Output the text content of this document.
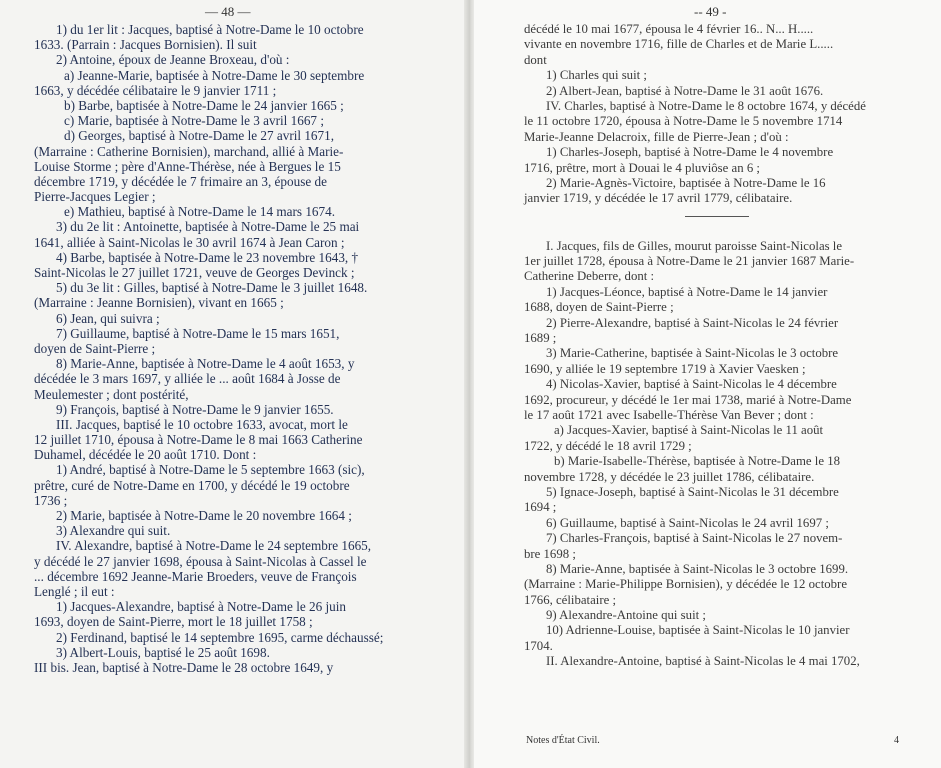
— 48 —
1) du 1er lit : Jacques, baptisé à Notre-Dame le 10 octobre
1633. (Parrain : Jacques Bornisien). Il suit
2) Antoine, époux de Jeanne Broxeau, d'où :
a) Jeanne-Marie, baptisée à Notre-Dame le 30 septembre
1663, y décédée célibataire le 9 janvier 1711 ;
b) Barbe, baptisée à Notre-Dame le 24 janvier 1665 ;
c) Marie, baptisée à Notre-Dame le 3 avril 1667 ;
d) Georges, baptisé à Notre-Dame le 27 avril 1671,
(Marraine : Catherine Bornisien), marchand, allié à Marie-
Louise Storme ; père d'Anne-Thérèse, née à Bergues le 15
décembre 1719, y décédée le 7 frimaire an 3, épouse de
Pierre-Jacques Legier ;
e) Mathieu, baptisé à Notre-Dame le 14 mars 1674.
3) du 2e lit : Antoinette, baptisée à Notre-Dame le 25 mai
1641, alliée à Saint-Nicolas le 30 avril 1674 à Jean Caron ;
4) Barbe, baptisée à Notre-Dame le 23 novembre 1643, †
Saint-Nicolas le 27 juillet 1721, veuve de Georges Devinck ;
5) du 3e lit : Gilles, baptisé à Notre-Dame le 3 juillet 1648.
(Marraine : Jeanne Bornisien), vivant en 1665 ;
6) Jean, qui suivra ;
7) Guillaume, baptisé à Notre-Dame le 15 mars 1651,
doyen de Saint-Pierre ;
8) Marie-Anne, baptisée à Notre-Dame le 4 août 1653, y
décédée le 3 mars 1697, y alliée le ... août 1684 à Josse de
Meulemester ; dont postérité,
9) François, baptisé à Notre-Dame le 9 janvier 1655.
III. Jacques, baptisé le 10 octobre 1633, avocat, mort le
12 juillet 1710, épousa à Notre-Dame le 8 mai 1663 Catherine
Duhamel, décédée le 20 août 1710. Dont :
1) André, baptisé à Notre-Dame le 5 septembre 1663 (sic),
prêtre, curé de Notre-Dame en 1700, y décédé le 19 octobre
1736 ;
2) Marie, baptisée à Notre-Dame le 20 novembre 1664 ;
3) Alexandre qui suit.
IV. Alexandre, baptisé à Notre-Dame le 24 septembre 1665,
y décédé le 27 janvier 1698, épousa à Saint-Nicolas à Cassel le
... décembre 1692 Jeanne-Marie Broeders, veuve de François
Lenglé ; il eut :
1) Jacques-Alexandre, baptisé à Notre-Dame le 26 juin
1693, doyen de Saint-Pierre, mort le 18 juillet 1758 ;
2) Ferdinand, baptisé le 14 septembre 1695, carme déchaussé;
3) Albert-Louis, baptisé le 25 août 1698.
III bis. Jean, baptisé à Notre-Dame le 28 octobre 1649, y
-- 49 -
décédé le 10 mai 1677, épousa le 4 février 16.. N... H.....
vivante en novembre 1716, fille de Charles et de Marie L.....
dont
1) Charles qui suit ;
2) Albert-Jean, baptisé à Notre-Dame le 31 août 1676.
IV. Charles, baptisé à Notre-Dame le 8 octobre 1674, y décédé
le 11 octobre 1720, épousa à Notre-Dame le 5 novembre 1714
Marie-Jeanne Delacroix, fille de Pierre-Jean ; d'où :
1) Charles-Joseph, baptisé à Notre-Dame le 4 novembre
1716, prêtre, mort à Douai le 4 pluviôse an 6 ;
2) Marie-Agnès-Victoire, baptisée à Notre-Dame le 16
janvier 1719, y décédée le 17 avril 1779, célibataire.
I. Jacques, fils de Gilles, mourut paroisse Saint-Nicolas le
1er juillet 1728, épousa à Notre-Dame le 21 janvier 1687 Marie-
Catherine Deberre, dont :
1) Jacques-Léonce, baptisé à Notre-Dame le 14 janvier
1688, doyen de Saint-Pierre ;
2) Pierre-Alexandre, baptisé à Saint-Nicolas le 24 février
1689 ;
3) Marie-Catherine, baptisée à Saint-Nicolas le 3 octobre
1690, y alliée le 19 septembre 1719 à Xavier Vaesken ;
4) Nicolas-Xavier, baptisé à Saint-Nicolas le 4 décembre
1692, procureur, y décédé le 1er mai 1738, marié à Notre-Dame
le 17 août 1721 avec Isabelle-Thérèse Van Bever ; dont :
a) Jacques-Xavier, baptisé à Saint-Nicolas le 11 août
1722, y décédé le 18 avril 1729 ;
b) Marie-Isabelle-Thérèse, baptisée à Notre-Dame le 18
novembre 1728, y décédée le 23 juillet 1786, célibataire.
5) Ignace-Joseph, baptisé à Saint-Nicolas le 31 décembre
1694 ;
6) Guillaume, baptisé à Saint-Nicolas le 24 avril 1697 ;
7) Charles-François, baptisé à Saint-Nicolas le 27 novem-
bre 1698 ;
8) Marie-Anne, baptisée à Saint-Nicolas le 3 octobre 1699.
(Marraine : Marie-Philippe Bornisien), y décédée le 12 octobre
1766, célibataire ;
9) Alexandre-Antoine qui suit ;
10) Adrienne-Louise, baptisée à Saint-Nicolas le 10 janvier
1704.
II. Alexandre-Antoine, baptisé à Saint-Nicolas le 4 mai 1702,
Notes d'État Civil.	4
